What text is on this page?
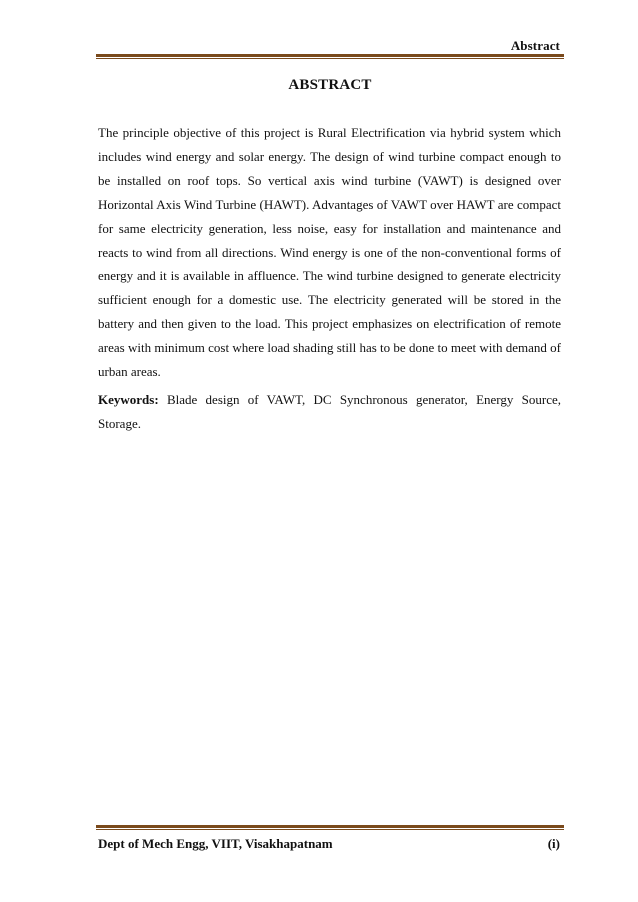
Abstract
ABSTRACT

The principle objective of this project is Rural Electrification via hybrid system which includes wind energy and solar energy. The design of wind turbine compact enough to be installed on roof tops. So vertical axis wind turbine (VAWT) is designed over Horizontal Axis Wind Turbine (HAWT). Advantages of VAWT over HAWT are compact for same electricity generation, less noise, easy for installation and maintenance and reacts to wind from all directions. Wind energy is one of the non-conventional forms of energy and it is available in affluence. The wind turbine designed to generate electricity sufficient enough for a domestic use. The electricity generated will be stored in the battery and then given to the load. This project emphasizes on electrification of remote areas with minimum cost where load shading still has to be done to meet with demand of urban areas.

Keywords: Blade design of VAWT, DC Synchronous generator, Energy Source, Storage.

Dept of Mech Engg, VIIT, Visakhapatnam	(i)
